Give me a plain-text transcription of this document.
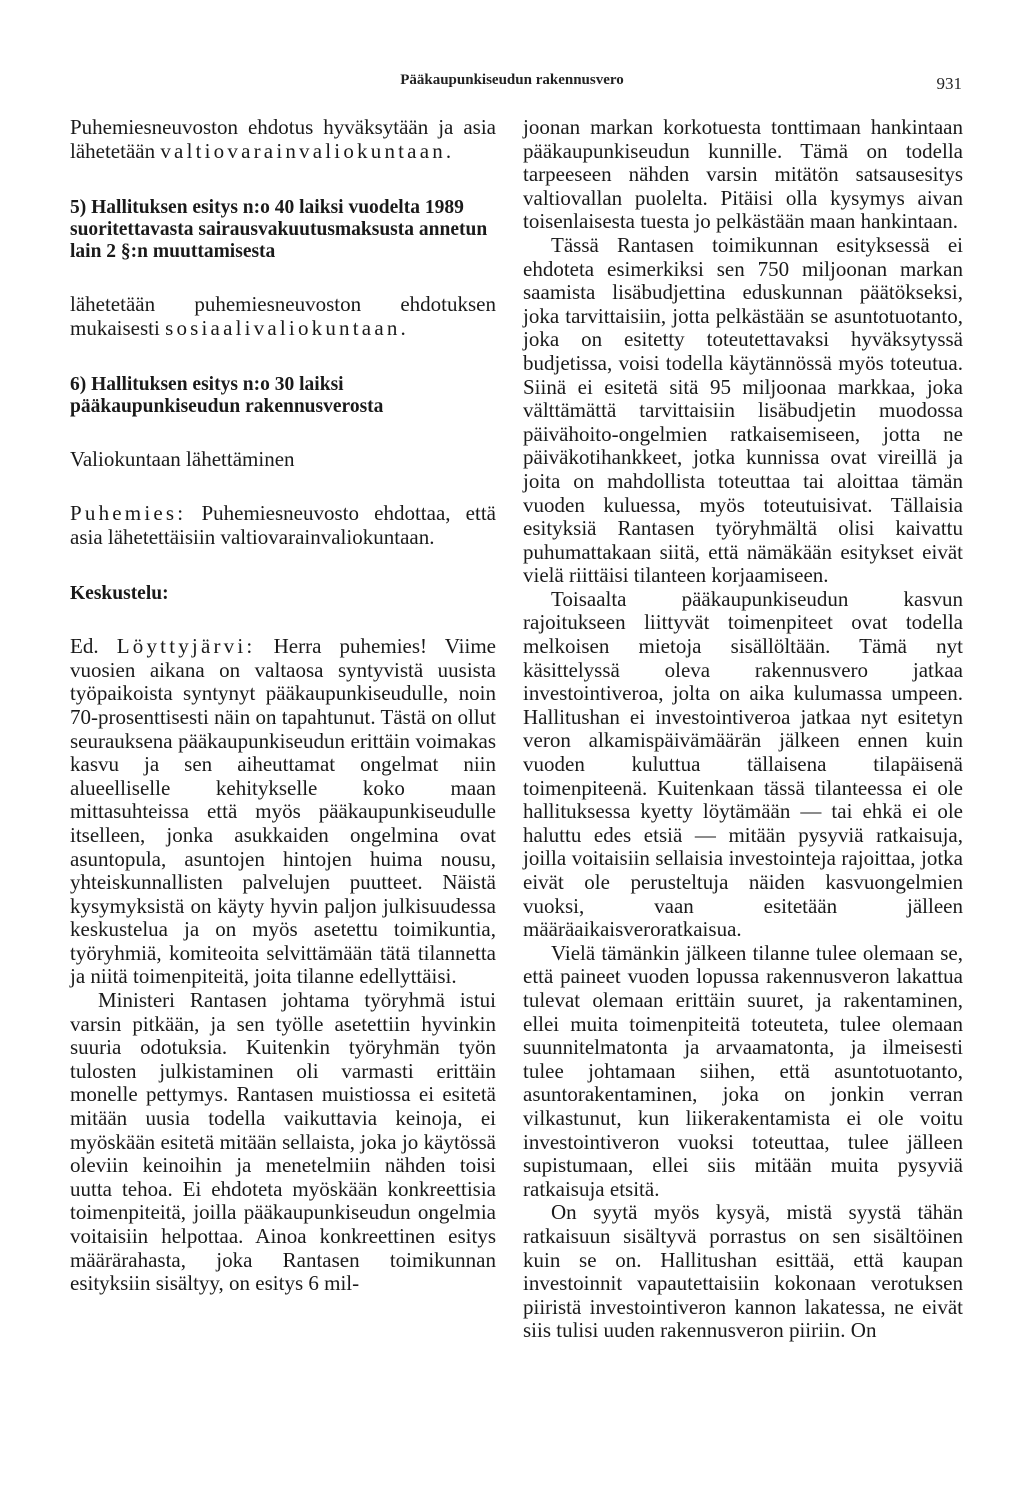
Pääkaupunkiseudun rakennusvero	931

Puhemiesneuvoston ehdotus hyväksytään ja asia lähetetään valtiovarainvaliokuntaan.

5) Hallituksen esitys n:o 40 laiksi vuodelta 1989 suoritettavasta sairausvakuutusmaksusta annetun lain 2 §:n muuttamisesta

lähetetään puhemiesneuvoston ehdotuksen mukaisesti sosiaalivaliokuntaan.

6) Hallituksen esitys n:o 30 laiksi pääkaupunkiseudun rakennusverosta

Valiokuntaan lähettäminen

Puhemies: Puhemiesneuvosto ehdottaa, että asia lähetettäisiin valtiovarainvaliokuntaan.

Keskustelu:

Ed. Löyttyjärvi: Herra puhemies! Viime vuosien aikana on valtaosa syntyvistä uusista työpaikoista syntynyt pääkaupunkiseudulle, noin 70-prosenttisesti näin on tapahtunut. Tästä on ollut seurauksena pääkaupunkiseudun erittäin voimakas kasvu ja sen aiheuttamat ongelmat niin alueelliselle kehitykselle koko maan mittasuhteissa että myös pääkaupunkiseudulle itselleen, jonka asukkaiden ongelmina ovat asuntopula, asuntojen hintojen huima nousu, yhteiskunnallisten palvelujen puutteet. Näistä kysymyksistä on käyty hyvin paljon julkisuudessa keskustelua ja on myös asetettu toimikuntia, työryhmiä, komiteoita selvittämään tätä tilannetta ja niitä toimenpiteitä, joita tilanne edellyttäisi.

Ministeri Rantasen johtama työryhmä istui varsin pitkään, ja sen työlle asetettiin hyvinkin suuria odotuksia. Kuitenkin työryhmän työn tulosten julkistaminen oli varmasti erittäin monelle pettymys. Rantasen muistiossa ei esitetä mitään uusia todella vaikuttavia keinoja, ei myöskään esitetä mitään sellaista, joka jo käytössä oleviin keinoihin ja menetelmiin nähden toisi uutta tehoa. Ei ehdoteta myöskään konkreettisia toimenpiteitä, joilla pääkaupunkiseudun ongelmia voitaisiin helpottaa. Ainoa konkreettinen esitys määrärahasta, joka Rantasen toimikunnan esityksiin sisältyy, on esitys 6 mil-

joonan markan korkotuesta tonttimaan hankintaan pääkaupunkiseudun kunnille. Tämä on todella tarpeeseen nähden varsin mitätön satsausesitys valtiovallan puolelta. Pitäisi olla kysymys aivan toisenlaisesta tuesta jo pelkästään maan hankintaan.

Tässä Rantasen toimikunnan esityksessä ei ehdoteta esimerkiksi sen 750 miljoonan markan saamista lisäbudjettina eduskunnan päätökseksi, joka tarvittaisiin, jotta pelkästään se asuntotuotanto, joka on esitetty toteutettavaksi hyväksytyssä budjetissa, voisi todella käytännössä myös toteutua. Siinä ei esitetä sitä 95 miljoonaa markkaa, joka välttämättä tarvittaisiin lisäbudjetin muodossa päivähoito-ongelmien ratkaisemiseen, jotta ne päiväkotihankkeet, jotka kunnissa ovat vireillä ja joita on mahdollista toteuttaa tai aloittaa tämän vuoden kuluessa, myös toteutuisivat. Tällaisia esityksiä Rantasen työryhmältä olisi kaivattu puhumattakaan siitä, että nämäkään esitykset eivät vielä riittäisi tilanteen korjaamiseen.

Toisaalta pääkaupunkiseudun kasvun rajoitukseen liittyvät toimenpiteet ovat todella melkoisen mietoja sisällöltään. Tämä nyt käsittelyssä oleva rakennusvero jatkaa investointiveroa, jolta on aika kulumassa umpeen. Hallitushan ei investointiveroa jatkaa nyt esitetyn veron alkamispäivämäärän jälkeen ennen kuin vuoden kuluttua tällaisena tilapäisenä toimenpiteenä. Kuitenkaan tässä tilanteessa ei ole hallituksessa kyetty löytämään — tai ehkä ei ole haluttu edes etsiä — mitään pysyviä ratkaisuja, joilla voitaisiin sellaisia investointeja rajoittaa, jotka eivät ole perusteltuja näiden kasvuongelmien vuoksi, vaan esitetään jälleen määräaikaisveroratkaisua.

Vielä tämänkin jälkeen tilanne tulee olemaan se, että paineet vuoden lopussa rakennusveron lakattua tulevat olemaan erittäin suuret, ja rakentaminen, ellei muita toimenpiteitä toteuteta, tulee olemaan suunnitelmatonta ja arvaamatonta, ja ilmeisesti tulee johtamaan siihen, että asuntotuotanto, asuntorakentaminen, joka on jonkin verran vilkastunut, kun liikerakentamista ei ole voitu investointiveron vuoksi toteuttaa, tulee jälleen supistumaan, ellei siis mitään muita pysyviä ratkaisuja etsitä.

On syytä myös kysyä, mistä syystä tähän ratkaisuun sisältyvä porrastus on sen sisältöinen kuin se on. Hallitushan esittää, että kaupan investoinnit vapautettaisiin kokonaan verotuksen piiristä investointiveron kannon lakatessa, ne eivät siis tulisi uuden rakennusveron piiriin. On
